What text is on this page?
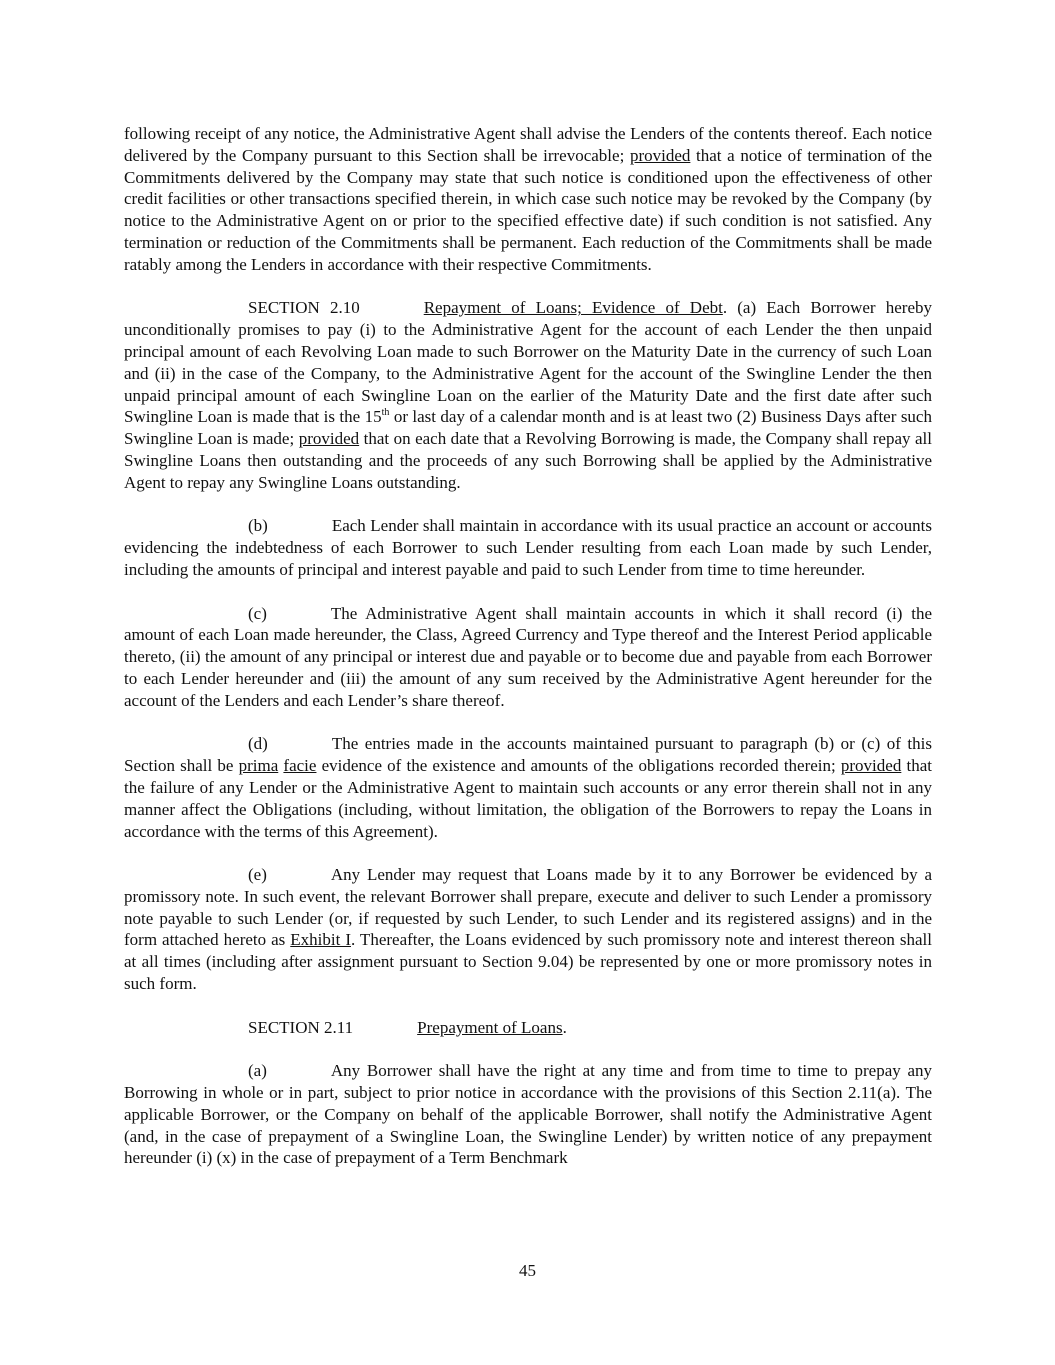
following receipt of any notice, the Administrative Agent shall advise the Lenders of the contents thereof. Each notice delivered by the Company pursuant to this Section shall be irrevocable; provided that a notice of termination of the Commitments delivered by the Company may state that such notice is conditioned upon the effectiveness of other credit facilities or other transactions specified therein, in which case such notice may be revoked by the Company (by notice to the Administrative Agent on or prior to the specified effective date) if such condition is not satisfied. Any termination or reduction of the Commitments shall be permanent. Each reduction of the Commitments shall be made ratably among the Lenders in accordance with their respective Commitments.

SECTION 2.10	Repayment of Loans; Evidence of Debt. (a) Each Borrower hereby unconditionally promises to pay (i) to the Administrative Agent for the account of each Lender the then unpaid principal amount of each Revolving Loan made to such Borrower on the Maturity Date in the currency of such Loan and (ii) in the case of the Company, to the Administrative Agent for the account of the Swingline Lender the then unpaid principal amount of each Swingline Loan on the earlier of the Maturity Date and the first date after such Swingline Loan is made that is the 15th or last day of a calendar month and is at least two (2) Business Days after such Swingline Loan is made; provided that on each date that a Revolving Borrowing is made, the Company shall repay all Swingline Loans then outstanding and the proceeds of any such Borrowing shall be applied by the Administrative Agent to repay any Swingline Loans outstanding.

(b)	Each Lender shall maintain in accordance with its usual practice an account or accounts evidencing the indebtedness of each Borrower to such Lender resulting from each Loan made by such Lender, including the amounts of principal and interest payable and paid to such Lender from time to time hereunder.

(c)	The Administrative Agent shall maintain accounts in which it shall record (i) the amount of each Loan made hereunder, the Class, Agreed Currency and Type thereof and the Interest Period applicable thereto, (ii) the amount of any principal or interest due and payable or to become due and payable from each Borrower to each Lender hereunder and (iii) the amount of any sum received by the Administrative Agent hereunder for the account of the Lenders and each Lender’s share thereof.

(d)	The entries made in the accounts maintained pursuant to paragraph (b) or (c) of this Section shall be prima facie evidence of the existence and amounts of the obligations recorded therein; provided that the failure of any Lender or the Administrative Agent to maintain such accounts or any error therein shall not in any manner affect the Obligations (including, without limitation, the obligation of the Borrowers to repay the Loans in accordance with the terms of this Agreement).

(e)	Any Lender may request that Loans made by it to any Borrower be evidenced by a promissory note. In such event, the relevant Borrower shall prepare, execute and deliver to such Lender a promissory note payable to such Lender (or, if requested by such Lender, to such Lender and its registered assigns) and in the form attached hereto as Exhibit I. Thereafter, the Loans evidenced by such promissory note and interest thereon shall at all times (including after assignment pursuant to Section 9.04) be represented by one or more promissory notes in such form.

SECTION 2.11	Prepayment of Loans.

(a)	Any Borrower shall have the right at any time and from time to time to prepay any Borrowing in whole or in part, subject to prior notice in accordance with the provisions of this Section 2.11(a). The applicable Borrower, or the Company on behalf of the applicable Borrower, shall notify the Administrative Agent (and, in the case of prepayment of a Swingline Loan, the Swingline Lender) by written notice of any prepayment hereunder (i) (x) in the case of prepayment of a Term Benchmark

45
